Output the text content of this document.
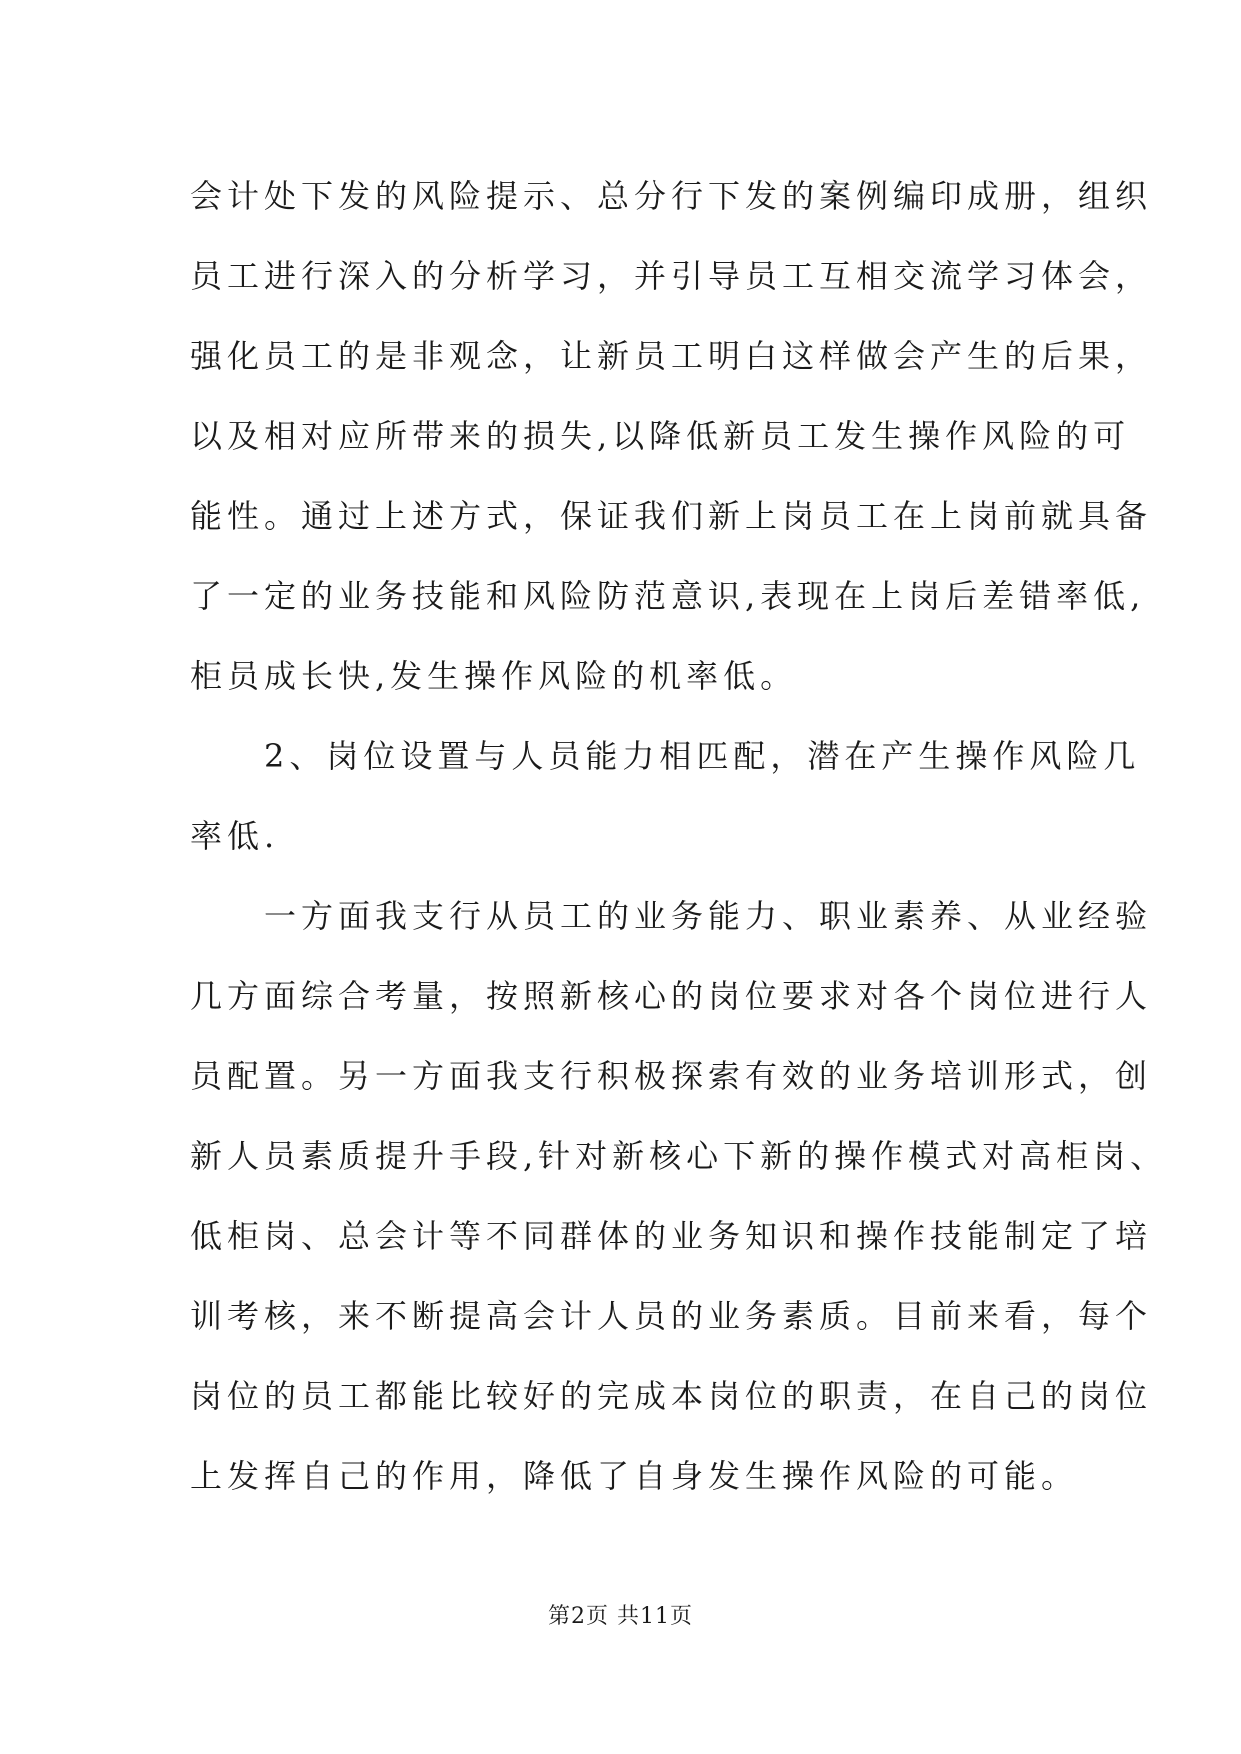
会计处下发的风险提示、总分行下发的案例编印成册，组织
员工进行深入的分析学习，并引导员工互相交流学习体会，
强化员工的是非观念，让新员工明白这样做会产生的后果，
以及相对应所带来的损失,以降低新员工发生操作风险的可
能性。通过上述方式，保证我们新上岗员工在上岗前就具备
了一定的业务技能和风险防范意识,表现在上岗后差错率低,
柜员成长快,发生操作风险的机率低。
　　2、岗位设置与人员能力相匹配，潜在产生操作风险几
率低.
　　一方面我支行从员工的业务能力、职业素养、从业经验
几方面综合考量，按照新核心的岗位要求对各个岗位进行人
员配置。另一方面我支行积极探索有效的业务培训形式，创
新人员素质提升手段,针对新核心下新的操作模式对高柜岗、
低柜岗、总会计等不同群体的业务知识和操作技能制定了培
训考核，来不断提高会计人员的业务素质。目前来看，每个
岗位的员工都能比较好的完成本岗位的职责，在自己的岗位
上发挥自己的作用，降低了自身发生操作风险的可能。
第2页 共11页
